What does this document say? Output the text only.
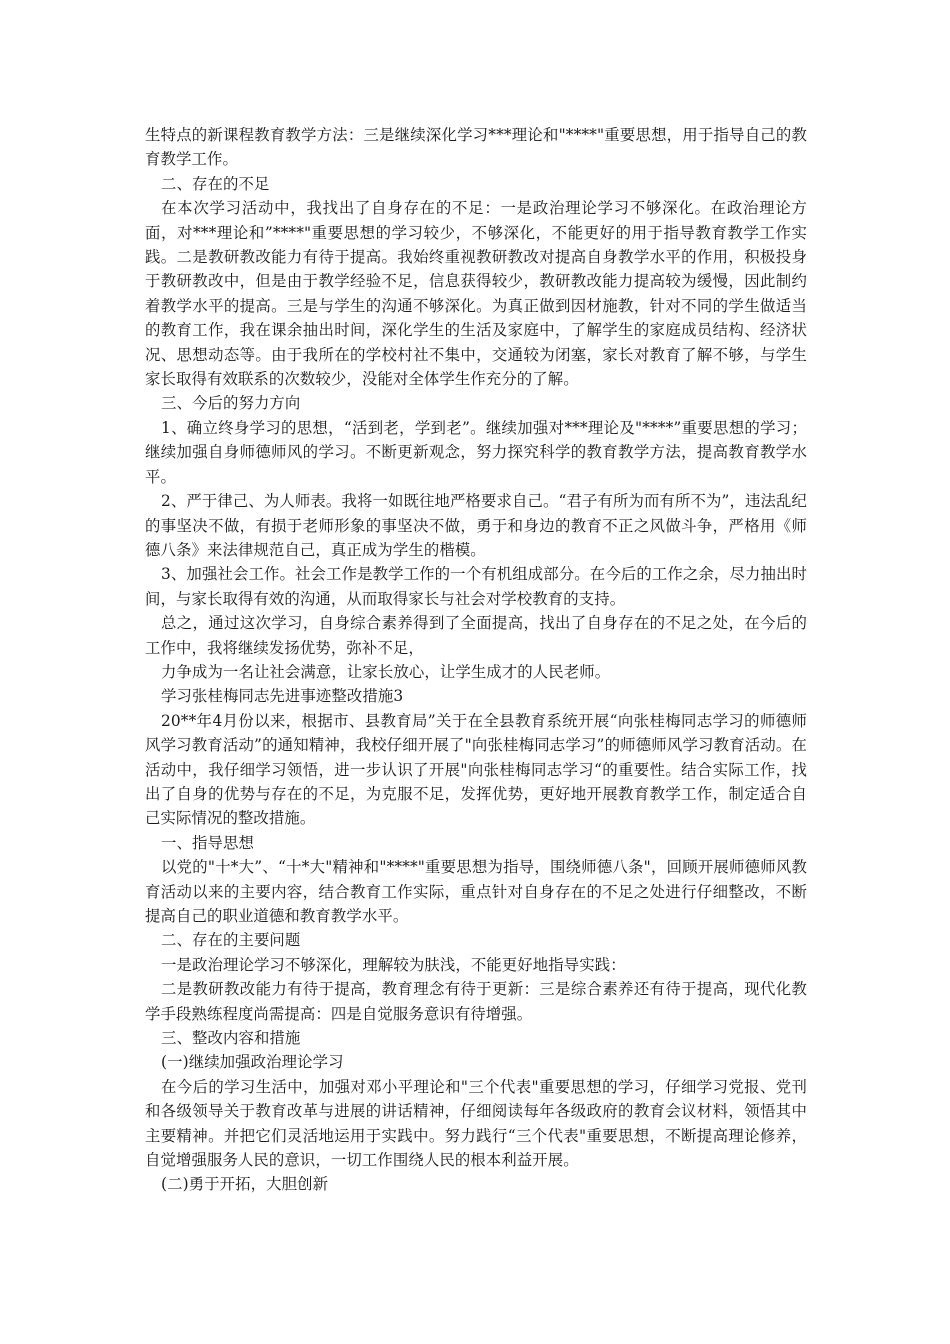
生特点的新课程教育教学方法：三是继续深化学习***理论和"****"重要思想，用于指导自己的教育教学工作。

二、存在的不足

在本次学习活动中，我找出了自身存在的不足：一是政治理论学习不够深化。在政治理论方面，对***理论和”****"重要思想的学习较少，不够深化，不能更好的用于指导教育教学工作实践。二是教研教改能力有待于提高。我始终重视教研教改对提高自身教学水平的作用，积极投身于教研教改中，但是由于教学经验不足，信息获得较少，教研教改能力提高较为缓慢，因此制约着教学水平的提高。三是与学生的沟通不够深化。为真正做到因材施教，针对不同的学生做适当的教育工作，我在课余抽出时间，深化学生的生活及家庭中，了解学生的家庭成员结构、经济状况、思想动态等。由于我所在的学校村社不集中，交通较为闭塞，家长对教育了解不够，与学生家长取得有效联系的次数较少，没能对全体学生作充分的了解。

三、今后的努力方向

1、确立终身学习的思想，“活到老，学到老”。继续加强对***理论及"****”重要思想的学习；继续加强自身师德师风的学习。不断更新观念，努力探究科学的教育教学方法，提高教育教学水平。

2、严于律己、为人师表。我将一如既往地严格要求自己。“君子有所为而有所不为”，违法乱纪的事坚决不做，有损于老师形象的事坚决不做，勇于和身边的教育不正之风做斗争，严格用《师德八条》来法律规范自己，真正成为学生的楷模。

3、加强社会工作。社会工作是教学工作的一个有机组成部分。在今后的工作之余，尽力抽出时间，与家长取得有效的沟通，从而取得家长与社会对学校教育的支持。

总之，通过这次学习，自身综合素养得到了全面提高，找出了自身存在的不足之处，在今后的工作中，我将继续发扬优势，弥补不足，

力争成为一名让社会满意，让家长放心，让学生成才的人民老师。

学习张桂梅同志先进事迹整改措施3

20**年4月份以来，根据市、县教育局”关于在全县教育系统开展“向张桂梅同志学习的师德师风学习教育活动”的通知精神，我校仔细开展了"向张桂梅同志学习”的师德师风学习教育活动。在活动中，我仔细学习领悟，进一步认识了开展"向张桂梅同志学习“的重要性。结合实际工作，找出了自身的优势与存在的不足，为克服不足，发挥优势，更好地开展教育教学工作，制定适合自己实际情况的整改措施。

一、指导思想

以党的"十*大”、“十*大"精神和"****"重要思想为指导，围绕师德八条"，回顾开展师德师风教育活动以来的主要内容，结合教育工作实际，重点针对自身存在的不足之处进行仔细整改，不断提高自己的职业道德和教育教学水平。

二、存在的主要问题

一是政治理论学习不够深化，理解较为肤浅，不能更好地指导实践：

二是教研教改能力有待于提高，教育理念有待于更新：三是综合素养还有待于提高，现代化教学手段熟练程度尚需提高：四是自觉服务意识有待增强。

三、整改内容和措施

(一)继续加强政治理论学习

在今后的学习生活中，加强对邓小平理论和"三个代表"重要思想的学习，仔细学习党报、党刊和各级领导关于教育改革与进展的讲话精神，仔细阅读每年各级政府的教育会议材料，领悟其中主要精神。并把它们灵活地运用于实践中。努力践行“三个代表"重要思想，不断提高理论修养，自觉增强服务人民的意识，一切工作围绕人民的根本利益开展。

(二)勇于开拓，大胆创新
